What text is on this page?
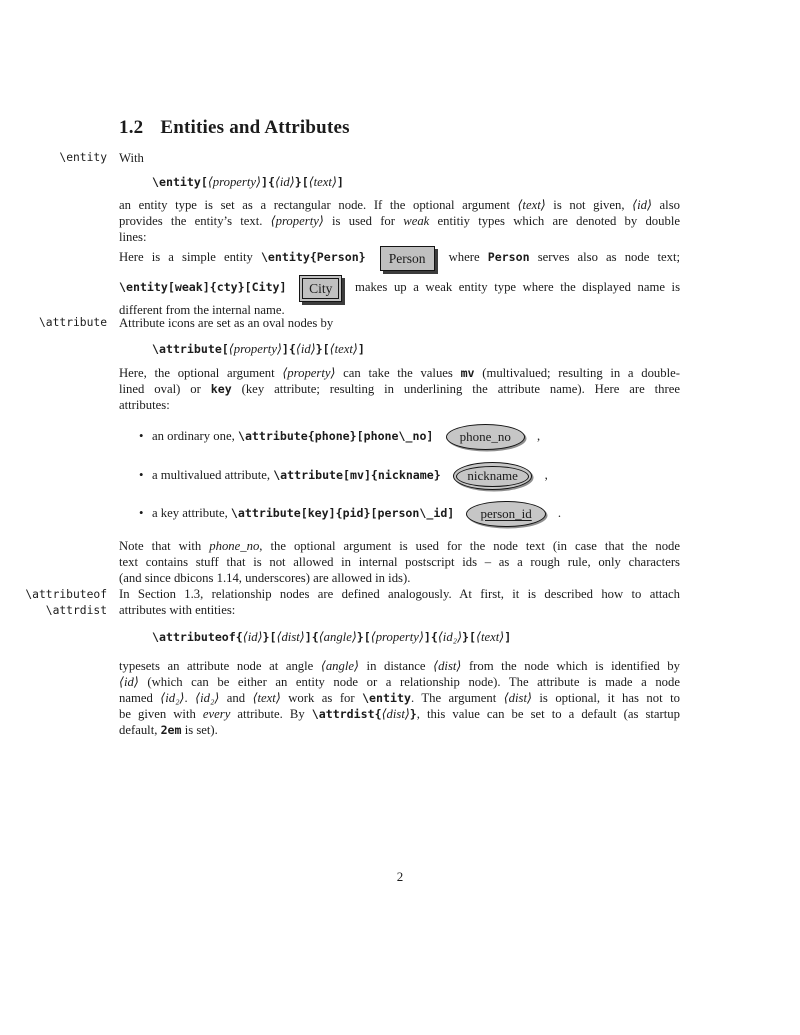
\entity
\attribute
\attributeof
\attrdist
1.2 Entities and Attributes
With
\entity[⟨property⟩]{⟨id⟩}[⟨text⟩]
an entity type is set as a rectangular node. If the optional argument ⟨text⟩ is not given, ⟨id⟩ also
provides the entity’s text. ⟨property⟩ is used for weak entitiy types which are denoted by double
lines:
Here is a simple entity \entity{Person} Person where Person serves also as node text;
\entity[weak]{cty}[City]	City	makes up a weak entity type where the displayed name is
different from the internal name.
Attribute icons are set as an oval nodes by
\attribute[⟨property⟩]{⟨id⟩}[⟨text⟩]
Here, the optional argument ⟨property⟩ can take the values mv (multivalued; resulting in a double-
lined oval) or key (key attribute; resulting in underlining the attribute name). Here are three
attributes:
• an ordinary one, \attribute{phone}[phone\_no] phone_no ,
• a multivalued attribute, \attribute[mv]{nickname}	nickname	,
• a key attribute, \attribute[key]{pid}[person\_id] person_id .
Note that with phone_no, the optional argument is used for the node text (in case that the node
text contains stuff that is not allowed in internal postscript ids – as a rough rule, only characters
(and since dbicons 1.14, underscores) are allowed in ids).
In Section 1.3, relationship nodes are defined analogously. At first, it is described how to attach
attributes with entities:
\attributeof{⟨id⟩}[⟨dist⟩]{⟨angle⟩}[⟨property⟩]{⟨id₂⟩}[⟨text⟩]
typesets an attribute node at angle ⟨angle⟩ in distance ⟨dist⟩ from the node which is identified by
⟨id⟩ (which can be either an entity node or a relationship node). The attribute is made a node
named ⟨id₂⟩. ⟨id₂⟩ and ⟨text⟩ work as for \entity. The argument ⟨dist⟩ is optional, it has not to
be given with every attribute. By \attrdist{⟨dist⟩}, this value can be set to a default (as startup
default, 2em is set).
2
